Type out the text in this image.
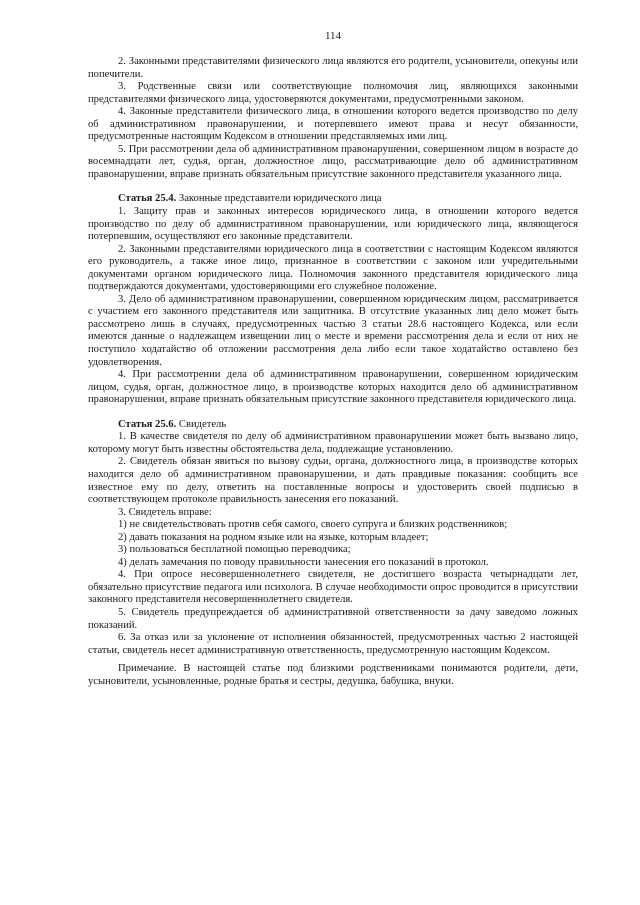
114

2. Законными представителями физического лица являются его родители, усыновители, опекуны или попечители.

3. Родственные связи или соответствующие полномочия лиц, являющихся законными представителями физического лица, удостоверяются документами, предусмотренными законом.

4. Законные представители физического лица, в отношении которого ведется производство по делу об административном правонарушении, и потерпевшего имеют права и несут обязанности, предусмотренные настоящим Кодексом в отношении представляемых ими лиц.

5. При рассмотрении дела об административном правонарушении, совершенном лицом в возрасте до восемнадцати лет, судья, орган, должностное лицо, рассматривающие дело об административном правонарушении, вправе признать обязательным присутствие законного представителя указанного лица.

Статья 25.4. Законные представители юридического лица

1. Защиту прав и законных интересов юридического лица, в отношении которого ведется производство по делу об административном правонарушении, или юридического лица, являющегося потерпевшим, осуществляют его законные представители.

2. Законными представителями юридического лица в соответствии с настоящим Кодексом являются его руководитель, а также иное лицо, признанное в соответствии с законом или учредительными документами органом юридического лица. Полномочия законного представителя юридического лица подтверждаются документами, удостоверяющими его служебное положение.

3. Дело об административном правонарушении, совершенном юридическим лицом, рассматривается с участием его законного представителя или защитника. В отсутствие указанных лиц дело может быть рассмотрено лишь в случаях, предусмотренных частью 3 статьи 28.6 настоящего Кодекса, или если имеются данные о надлежащем извещении лиц о месте и времени рассмотрения дела и если от них не поступило ходатайство об отложении рассмотрения дела либо если такое ходатайство оставлено без удовлетворения.

4. При рассмотрении дела об административном правонарушении, совершенном юридическим лицом, судья, орган, должностное лицо, в производстве которых находится дело об административном правонарушении, вправе признать обязательным присутствие законного представителя юридического лица.

Статья 25.6. Свидетель

1. В качестве свидетеля по делу об административном правонарушении может быть вызвано лицо, которому могут быть известны обстоятельства дела, подлежащие установлению.

2. Свидетель обязан явиться по вызову судьи, органа, должностного лица, в производстве которых находится дело об административном правонарушении, и дать правдивые показания: сообщить все известное ему по делу, ответить на поставленные вопросы и удостоверить своей подписью в соответствующем протоколе правильность занесения его показаний.

3. Свидетель вправе:

1) не свидетельствовать против себя самого, своего супруга и близких родственников;

2) давать показания на родном языке или на языке, которым владеет;

3) пользоваться бесплатной помощью переводчика;

4) делать замечания по поводу правильности занесения его показаний в протокол.

4. При опросе несовершеннолетнего свидетеля, не достигшего возраста четырнадцати лет, обязательно присутствие педагога или психолога. В случае необходимости опрос проводится в присутствии законного представителя несовершеннолетнего свидетеля.

5. Свидетель предупреждается об административной ответственности за дачу заведомо ложных показаний.

6. За отказ или за уклонение от исполнения обязанностей, предусмотренных частью 2 настоящей статьи, свидетель несет административную ответственность, предусмотренную настоящим Кодексом.

Примечание. В настоящей статье под близкими родственниками понимаются родители, дети, усыновители, усыновленные, родные братья и сестры, дедушка, бабушка, внуки.
